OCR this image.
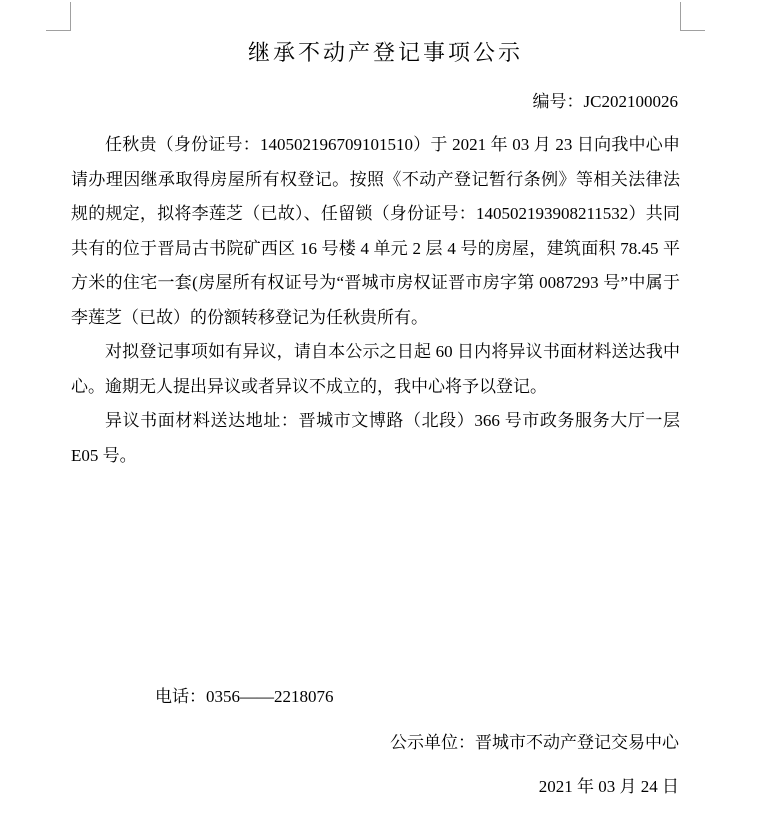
继承不动产登记事项公示
编号：JC202100026

任秋贵（身份证号：140502196709101510）于 2021 年 03 月 23 日向我中心申请办理因继承取得房屋所有权登记。按照《不动产登记暂行条例》等相关法律法规的规定，拟将李莲芝（已故）、任留锁（身份证号：140502193908211532）共同共有的位于晋局古书院矿西区 16 号楼 4 单元 2 层 4 号的房屋，建筑面积 78.45 平方米的住宅一套(房屋所有权证号为“晋城市房权证晋市房字第 0087293 号”中属于李莲芝（已故）的份额转移登记为任秋贵所有。

对拟登记事项如有异议，请自本公示之日起 60 日内将异议书面材料送达我中心。逾期无人提出异议或者异议不成立的，我中心将予以登记。

异议书面材料送达地址：晋城市文博路（北段）366 号市政务服务大厅一层 E05 号。

电话：0356——2218076
公示单位：晋城市不动产登记交易中心
2021 年 03 月 24 日
